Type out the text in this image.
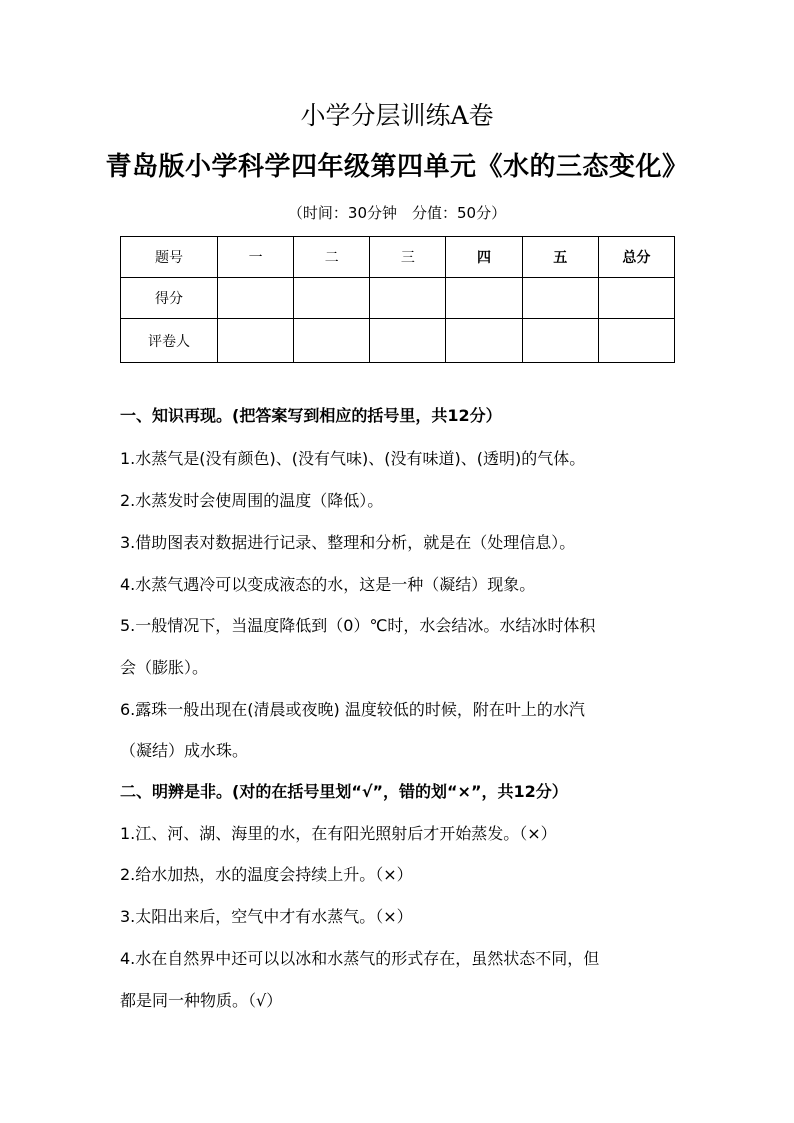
小学分层训练A卷
青岛版小学科学四年级第四单元《水的三态变化》
（时间：30分钟　分值：50分）
题号	一	二	三	四	五	总分
得分						
评卷人						
一、知识再现。(把答案写到相应的括号里，共12分）
1.水蒸气是(没有颜色)、(没有气味)、(没有味道)、(透明)的气体。
2.水蒸发时会使周围的温度（降低）。
3.借助图表对数据进行记录、整理和分析，就是在（处理信息）。
4.水蒸气遇冷可以变成液态的水，这是一种（凝结）现象。
5.一般情况下，当温度降低到（0）℃时，水会结冰。水结冰时体积
会（膨胀）。
6.露珠一般出现在(清晨或夜晚) 温度较低的时候，附在叶上的水汽
（凝结）成水珠。
二、明辨是非。(对的在括号里划“√”，错的划“×”，共12分）
1.江、河、湖、海里的水，在有阳光照射后才开始蒸发。（×）
2.给水加热，水的温度会持续上升。（×）
3.太阳出来后，空气中才有水蒸气。（×）
4.水在自然界中还可以以冰和水蒸气的形式存在，虽然状态不同，但
都是同一种物质。（√）
